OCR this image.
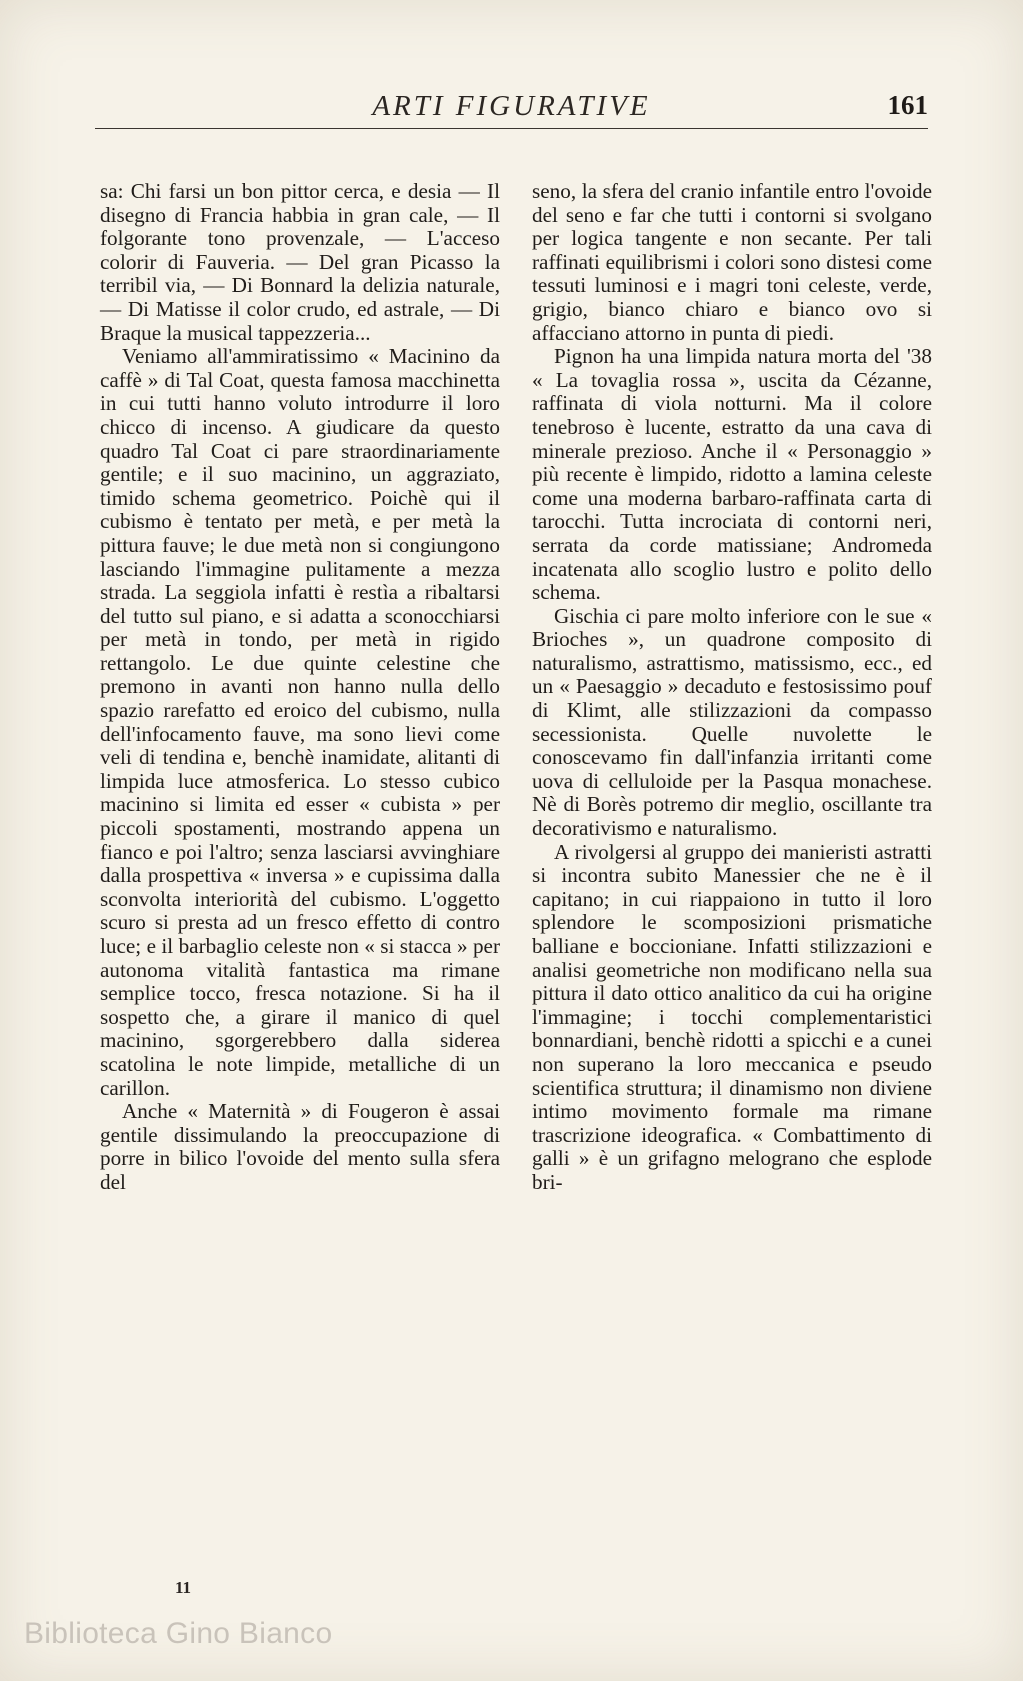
ARTI FIGURATIVE	161

sa: Chi farsi un bon pittor cerca, e desia — Il disegno di Francia habbia in gran cale, — Il folgorante tono provenzale, — L'acceso colorir di Fauveria. — Del gran Picasso la terribil via, — Di Bonnard la delizia naturale, — Di Matisse il color crudo, ed astrale, — Di Braque la musical tappezzeria...

Veniamo all'ammiratissimo « Macinino da caffè » di Tal Coat, questa famosa macchinetta in cui tutti hanno voluto introdurre il loro chicco di incenso. A giudicare da questo quadro Tal Coat ci pare straordinariamente gentile; e il suo macinino, un aggraziato, timido schema geometrico. Poichè qui il cubismo è tentato per metà, e per metà la pittura fauve; le due metà non si congiungono lasciando l'immagine pulitamente a mezza strada. La seggiola infatti è restìa a ribaltarsi del tutto sul piano, e si adatta a sconocchiarsi per metà in tondo, per metà in rigido rettangolo. Le due quinte celestine che premono in avanti non hanno nulla dello spazio rarefatto ed eroico del cubismo, nulla dell'infocamento fauve, ma sono lievi come veli di tendina e, benchè inamidate, alitanti di limpida luce atmosferica. Lo stesso cubico macinino si limita ed esser « cubista » per piccoli spostamenti, mostrando appena un fianco e poi l'altro; senza lasciarsi avvinghiare dalla prospettiva « inversa » e cupissima dalla sconvolta interiorità del cubismo. L'oggetto scuro si presta ad un fresco effetto di contro luce; e il barbaglio celeste non « si stacca » per autonoma vitalità fantastica ma rimane semplice tocco, fresca notazione. Si ha il sospetto che, a girare il manico di quel macinino, sgorgerebbero dalla siderea scatolina le note limpide, metalliche di un carillon.

Anche « Maternità » di Fougeron è assai gentile dissimulando la preoccupazione di porre in bilico l'ovoide del mento sulla sfera del

seno, la sfera del cranio infantile entro l'ovoide del seno e far che tutti i contorni si svolgano per logica tangente e non secante. Per tali raffinati equilibrismi i colori sono distesi come tessuti luminosi e i magri toni celeste, verde, grigio, bianco chiaro e bianco ovo si affacciano attorno in punta di piedi.

Pignon ha una limpida natura morta del '38 « La tovaglia rossa », uscita da Cézanne, raffinata di viola notturni. Ma il colore tenebroso è lucente, estratto da una cava di minerale prezioso. Anche il « Personaggio » più recente è limpido, ridotto a lamina celeste come una moderna barbaro-raffinata carta di tarocchi. Tutta incrociata di contorni neri, serrata da corde matissiane; Andromeda incatenata allo scoglio lustro e polito dello schema.

Gischia ci pare molto inferiore con le sue « Brioches », un quadrone composito di naturalismo, astrattismo, matissismo, ecc., ed un « Paesaggio » decaduto e festosissimo pouf di Klimt, alle stilizzazioni da compasso secessionista. Quelle nuvolette le conoscevamo fin dall'infanzia irritanti come uova di celluloide per la Pasqua monachese. Nè di Borès potremo dir meglio, oscillante tra decorativismo e naturalismo.

A rivolgersi al gruppo dei manieristi astratti si incontra subito Manessier che ne è il capitano; in cui riappaiono in tutto il loro splendore le scomposizioni prismatiche balliane e boccioniane. Infatti stilizzazioni e analisi geometriche non modificano nella sua pittura il dato ottico analitico da cui ha origine l'immagine; i tocchi complementaristici bonnardiani, benchè ridotti a spicchi e a cunei non superano la loro meccanica e pseudo scientifica struttura; il dinamismo non diviene intimo movimento formale ma rimane trascrizione ideografica. « Combattimento di galli » è un grifagno melograno che esplode bri-

11
Biblioteca Gino Bianco
